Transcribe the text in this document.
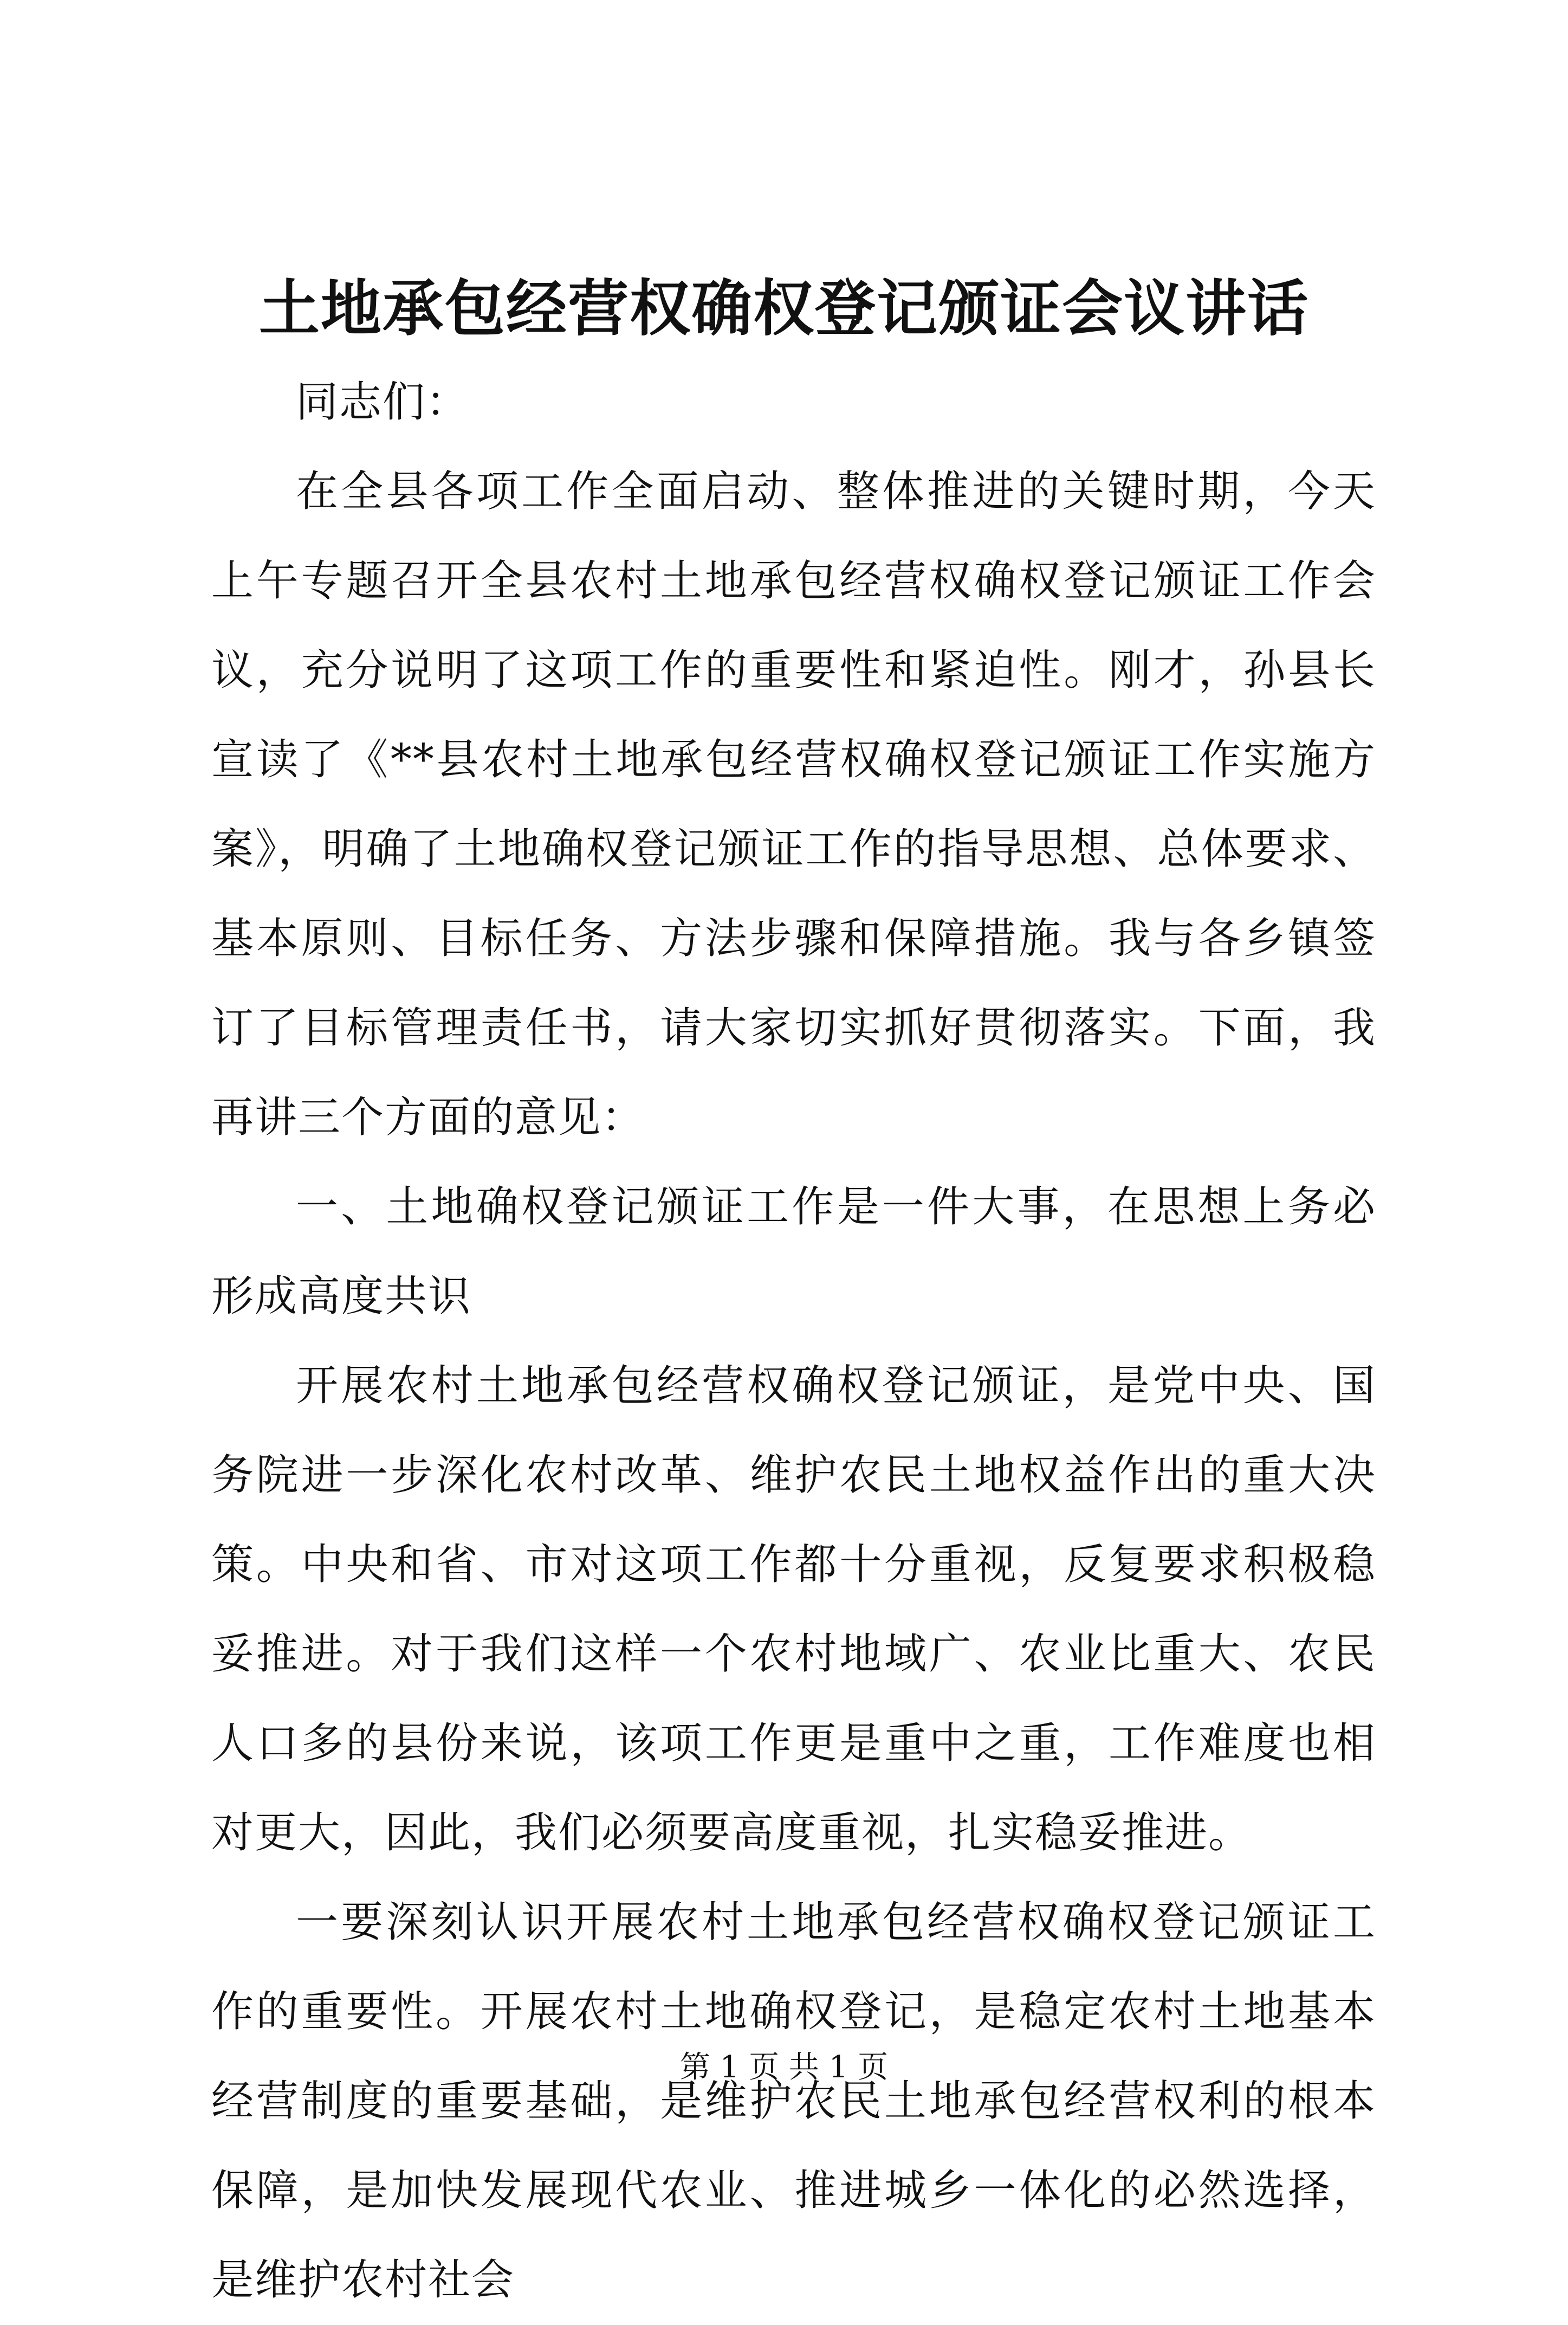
土地承包经营权确权登记颁证会议讲话

同志们：

在全县各项工作全面启动、整体推进的关键时期，今天上午专题召开全县农村土地承包经营权确权登记颁证工作会议，充分说明了这项工作的重要性和紧迫性。刚才，孙县长宣读了《**县农村土地承包经营权确权登记颁证工作实施方案》，明确了土地确权登记颁证工作的指导思想、总体要求、基本原则、目标任务、方法步骤和保障措施。我与各乡镇签订了目标管理责任书，请大家切实抓好贯彻落实。下面，我再讲三个方面的意见：

一、土地确权登记颁证工作是一件大事，在思想上务必形成高度共识

开展农村土地承包经营权确权登记颁证，是党中央、国务院进一步深化农村改革、维护农民土地权益作出的重大决策。中央和省、市对这项工作都十分重视，反复要求积极稳妥推进。对于我们这样一个农村地域广、农业比重大、农民人口多的县份来说，该项工作更是重中之重，工作难度也相对更大，因此，我们必须要高度重视，扎实稳妥推进。

一要深刻认识开展农村土地承包经营权确权登记颁证工作的重要性。开展农村土地确权登记，是稳定农村土地基本经营制度的重要基础，是维护农民土地承包经营权利的根本保障，是加快发展现代农业、推进城乡一体化的必然选择，是维护农村社会

第 1 页 共 1 页
